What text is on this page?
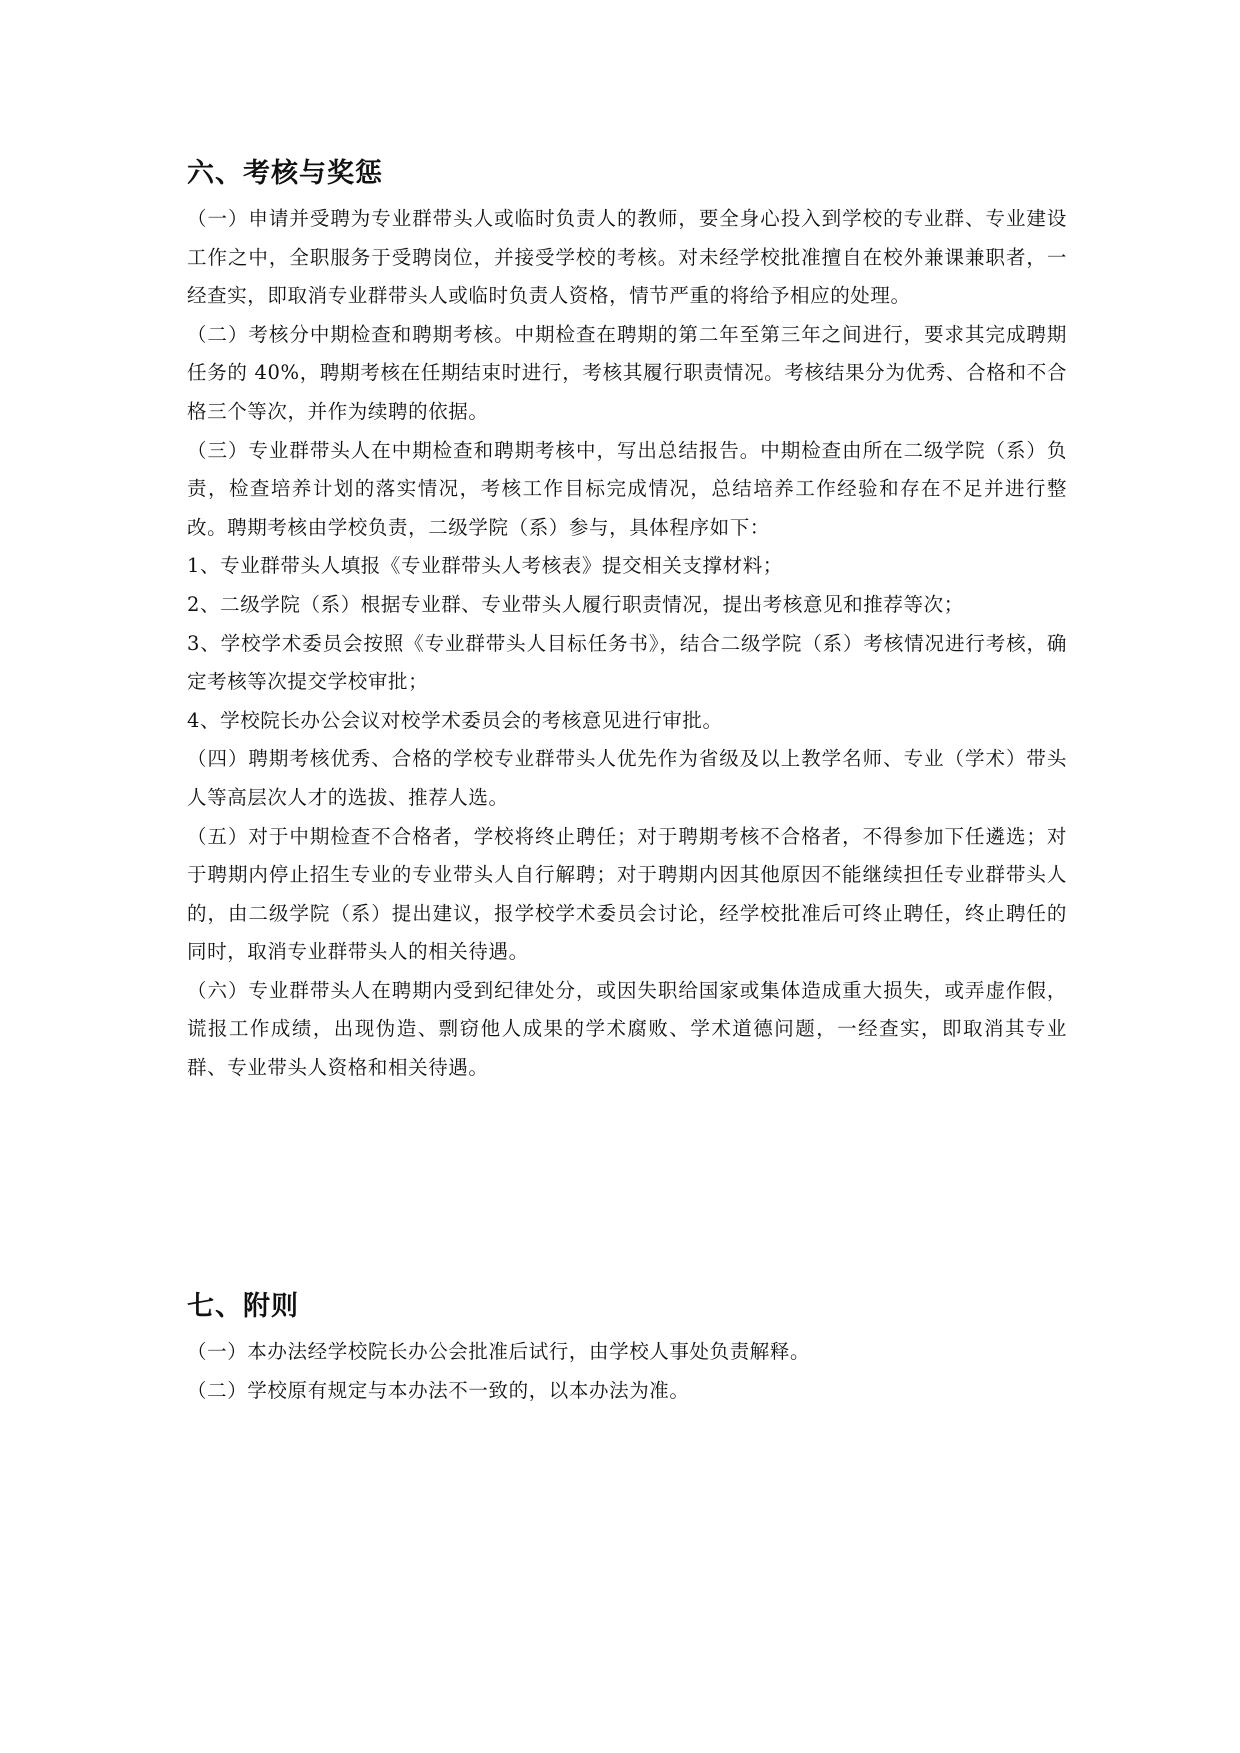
六、考核与奖惩

（一）申请并受聘为专业群带头人或临时负责人的教师，要全身心投入到学校的专业群、专业建设工作之中，全职服务于受聘岗位，并接受学校的考核。对未经学校批准擅自在校外兼课兼职者，一经查实，即取消专业群带头人或临时负责人资格，情节严重的将给予相应的处理。

（二）考核分中期检查和聘期考核。中期检查在聘期的第二年至第三年之间进行，要求其完成聘期任务的 40%，聘期考核在任期结束时进行，考核其履行职责情况。考核结果分为优秀、合格和不合格三个等次，并作为续聘的依据。

（三）专业群带头人在中期检查和聘期考核中，写出总结报告。中期检查由所在二级学院（系）负责，检查培养计划的落实情况，考核工作目标完成情况，总结培养工作经验和存在不足并进行整改。聘期考核由学校负责，二级学院（系）参与，具体程序如下：

1、专业群带头人填报《专业群带头人考核表》提交相关支撑材料；

2、二级学院（系）根据专业群、专业带头人履行职责情况，提出考核意见和推荐等次；

3、学校学术委员会按照《专业群带头人目标任务书》，结合二级学院（系）考核情况进行考核，确定考核等次提交学校审批；

4、学校院长办公会议对校学术委员会的考核意见进行审批。

（四）聘期考核优秀、合格的学校专业群带头人优先作为省级及以上教学名师、专业（学术）带头人等高层次人才的选拔、推荐人选。

（五）对于中期检查不合格者，学校将终止聘任；对于聘期考核不合格者，不得参加下任遴选；对于聘期内停止招生专业的专业带头人自行解聘；对于聘期内因其他原因不能继续担任专业群带头人的，由二级学院（系）提出建议，报学校学术委员会讨论，经学校批准后可终止聘任，终止聘任的同时，取消专业群带头人的相关待遇。

（六）专业群带头人在聘期内受到纪律处分，或因失职给国家或集体造成重大损失，或弄虚作假，谎报工作成绩，出现伪造、剽窃他人成果的学术腐败、学术道德问题，一经查实，即取消其专业群、专业带头人资格和相关待遇。

七、附则

（一）本办法经学校院长办公会批准后试行，由学校人事处负责解释。

（二）学校原有规定与本办法不一致的，以本办法为准。
